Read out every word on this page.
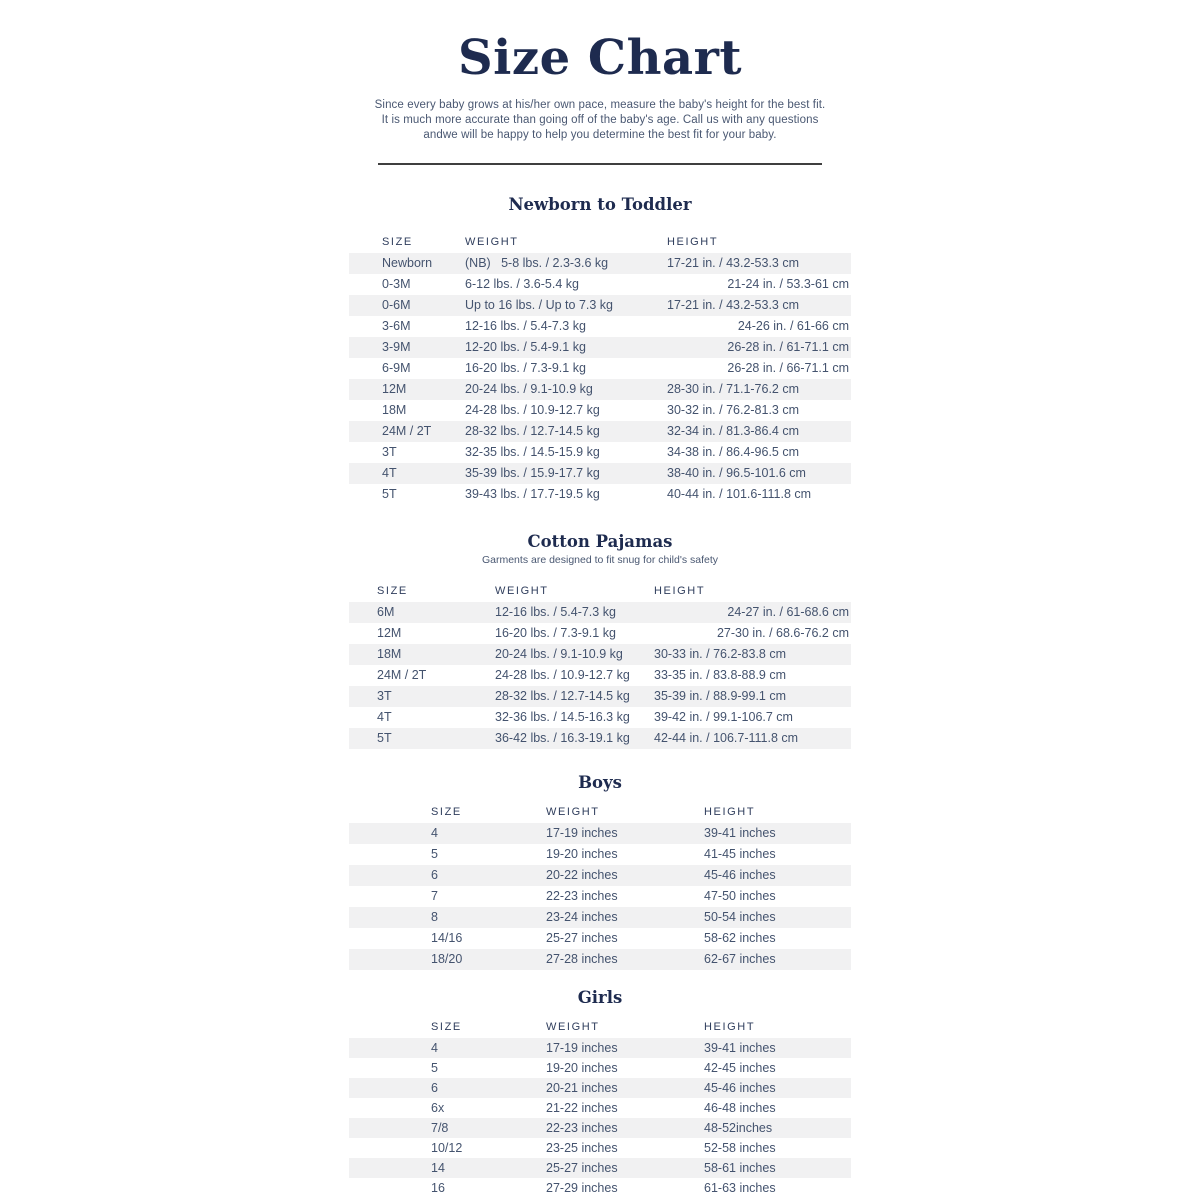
Size Chart
Since every baby grows at his/her own pace, measure the baby's height for the best fit.
It is much more accurate than going off of the baby's age. Call us with any questions
andwe will be happy to help you determine the best fit for your baby.
Newborn to Toddler
SIZE	WEIGHT	HEIGHT
Newborn	(NB)   5-8 lbs. / 2.3-3.6 kg	17-21 in. / 43.2-53.3 cm
0-3M	6-12 lbs. / 3.6-5.4 kg	21-24 in. / 53.3-61 cm
0-6M	Up to 16 lbs. / Up to 7.3 kg	17-21 in. / 43.2-53.3 cm
3-6M	12-16 lbs. / 5.4-7.3 kg	24-26 in. / 61-66 cm
3-9M	12-20 lbs. / 5.4-9.1 kg	26-28 in. / 61-71.1 cm
6-9M	16-20 lbs. / 7.3-9.1 kg	26-28 in. / 66-71.1 cm
12M	20-24 lbs. / 9.1-10.9 kg	28-30 in. / 71.1-76.2 cm
18M	24-28 lbs. / 10.9-12.7 kg	30-32 in. / 76.2-81.3 cm
24M / 2T	28-32 lbs. / 12.7-14.5 kg	32-34 in. / 81.3-86.4 cm
3T	32-35 lbs. / 14.5-15.9 kg	34-38 in. / 86.4-96.5 cm
4T	35-39 lbs. / 15.9-17.7 kg	38-40 in. / 96.5-101.6 cm
5T	39-43 lbs. / 17.7-19.5 kg	40-44 in. / 101.6-111.8 cm
Cotton Pajamas
Garments are designed to fit snug for child's safety
SIZE	WEIGHT	HEIGHT
6M	12-16 lbs. / 5.4-7.3 kg	24-27 in. / 61-68.6 cm
12M	16-20 lbs. / 7.3-9.1 kg	27-30 in. / 68.6-76.2 cm
18M	20-24 lbs. / 9.1-10.9 kg	30-33 in. / 76.2-83.8 cm
24M / 2T	24-28 lbs. / 10.9-12.7 kg	33-35 in. / 83.8-88.9 cm
3T	28-32 lbs. / 12.7-14.5 kg	35-39 in. / 88.9-99.1 cm
4T	32-36 lbs. / 14.5-16.3 kg	39-42 in. / 99.1-106.7 cm
5T	36-42 lbs. / 16.3-19.1 kg	42-44 in. / 106.7-111.8 cm
Boys
SIZE	WEIGHT	HEIGHT
4	17-19 inches	39-41 inches
5	19-20 inches	41-45 inches
6	20-22 inches	45-46 inches
7	22-23 inches	47-50 inches
8	23-24 inches	50-54 inches
14/16	25-27 inches	58-62 inches
18/20	27-28 inches	62-67 inches
Girls
SIZE	WEIGHT	HEIGHT
4	17-19 inches	39-41 inches
5	19-20 inches	42-45 inches
6	20-21 inches	45-46 inches
6x	21-22 inches	46-48 inches
7/8	22-23 inches	48-52inches
10/12	23-25 inches	52-58 inches
14	25-27 inches	58-61 inches
16	27-29 inches	61-63 inches
